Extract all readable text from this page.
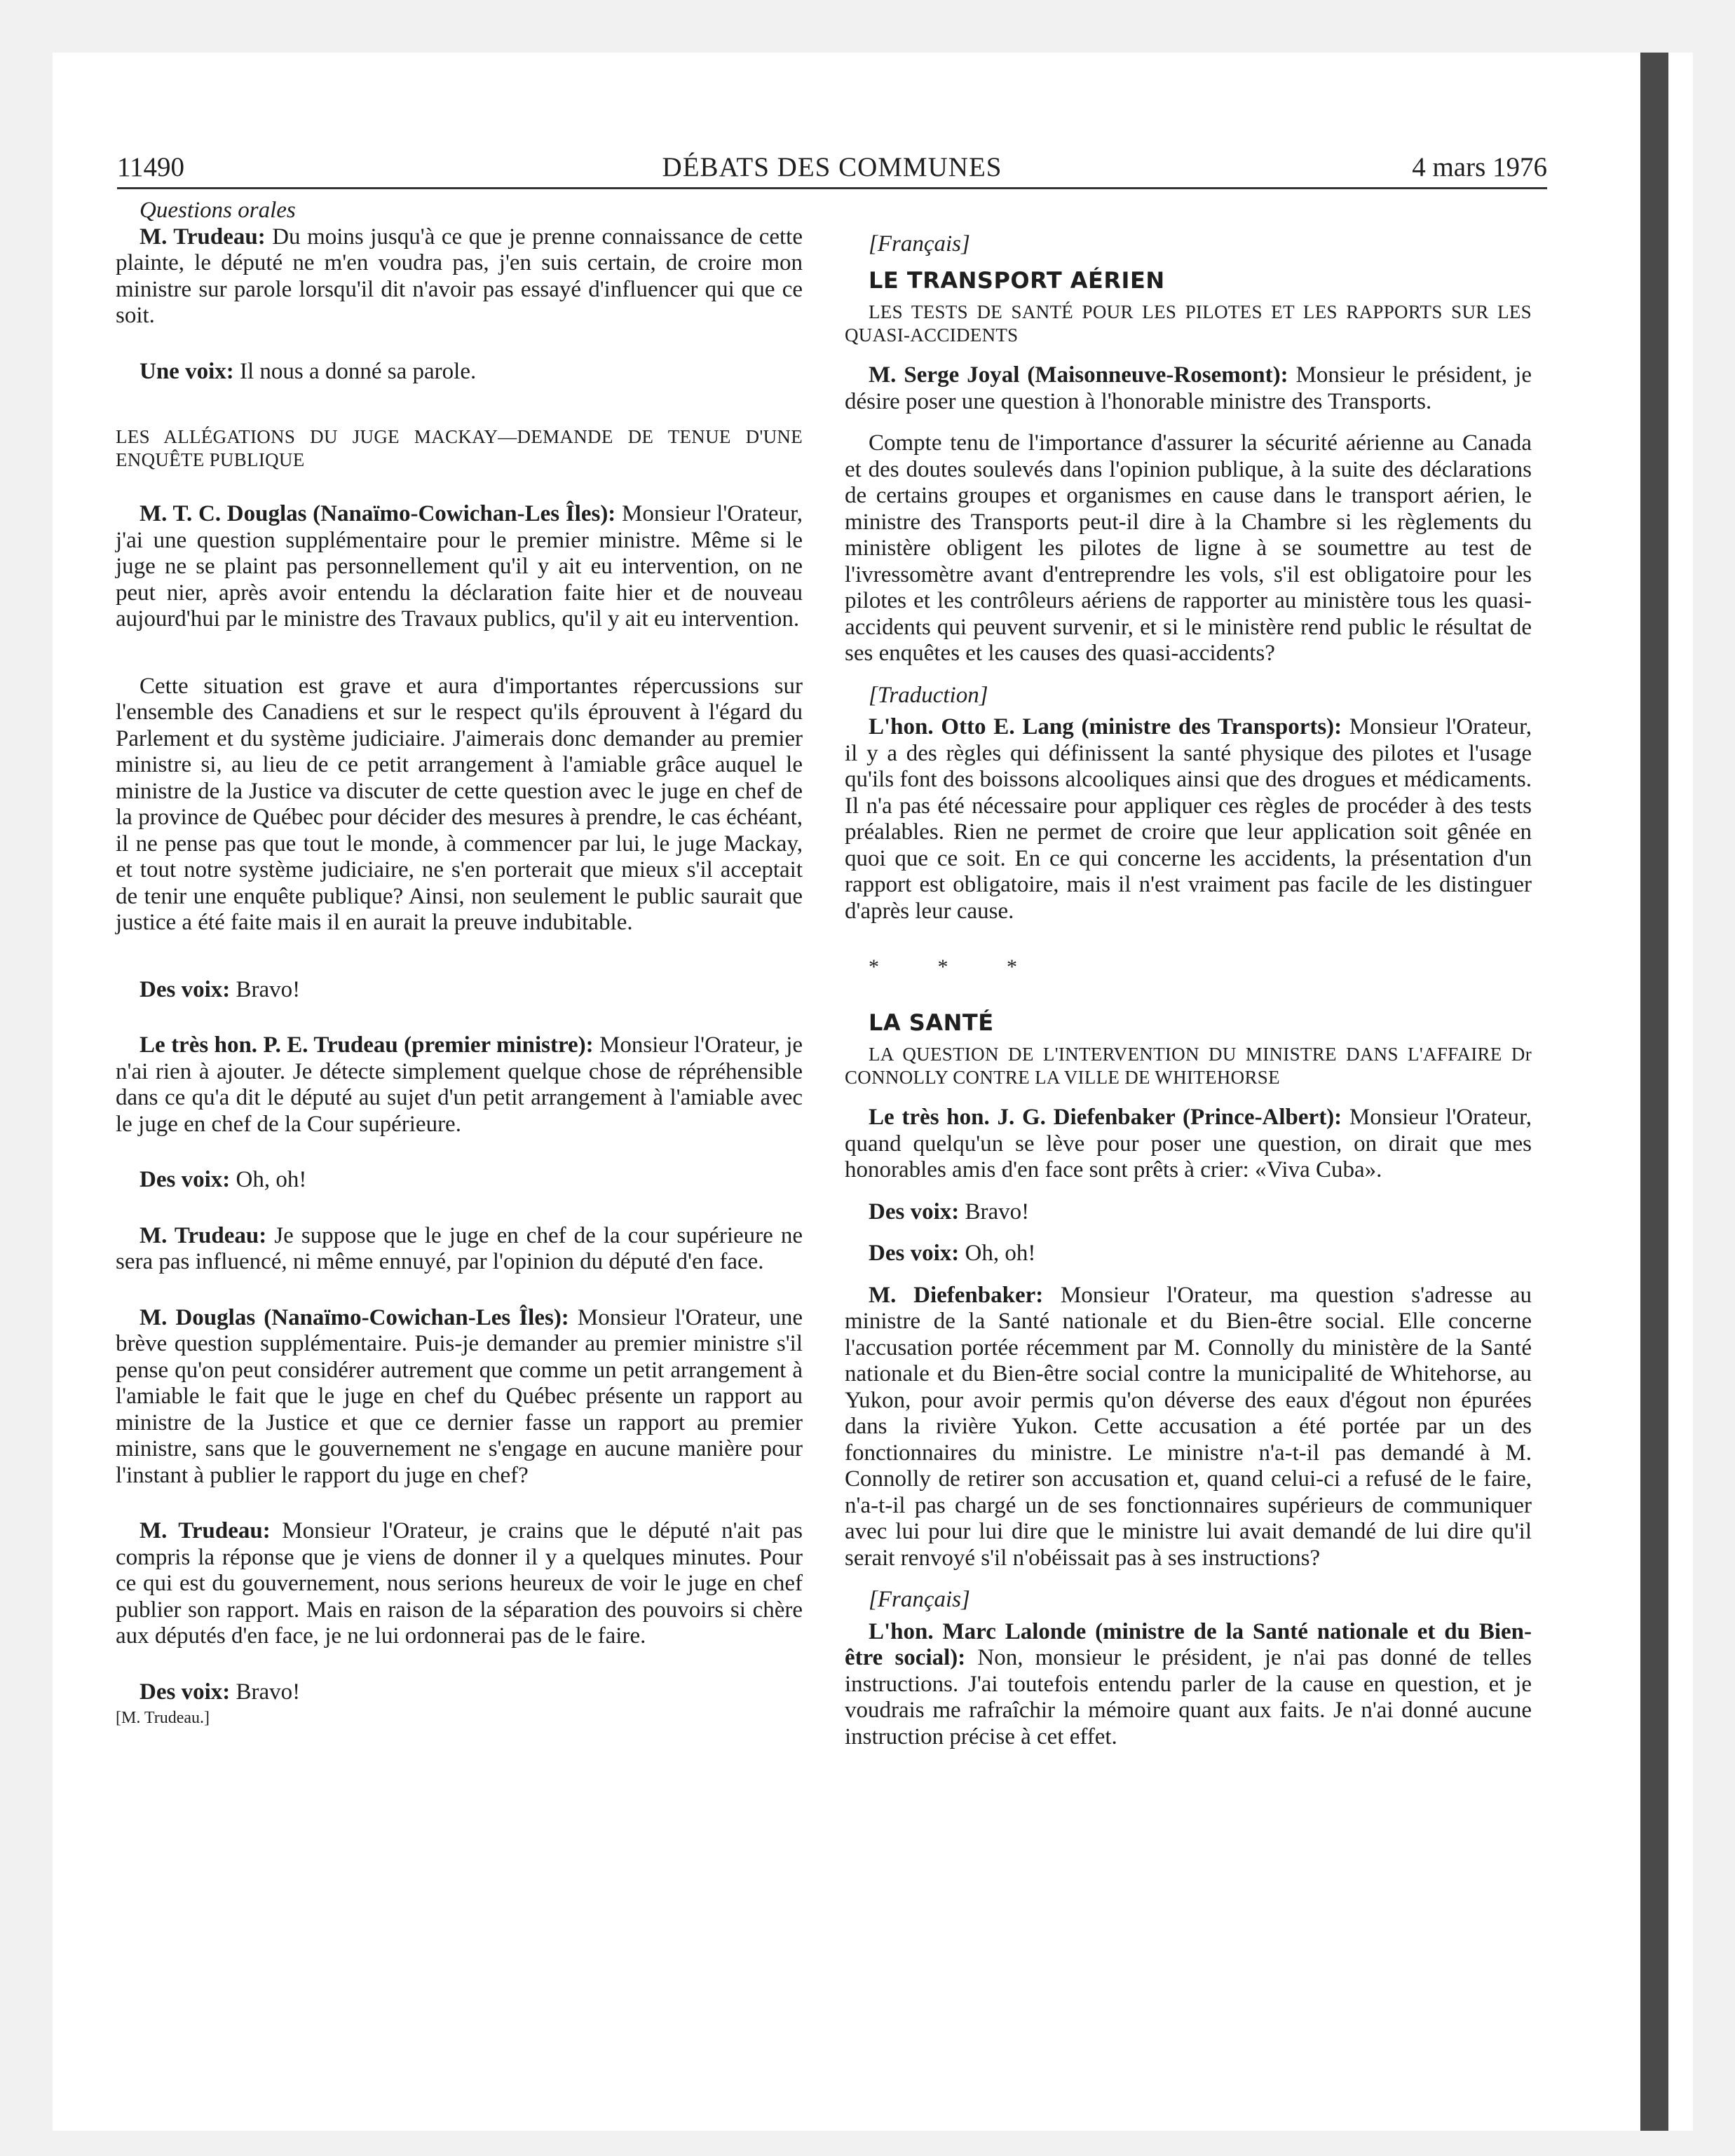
11490	DÉBATS DES COMMUNES	4 mars 1976

Questions orales

M. Trudeau: Du moins jusqu'à ce que je prenne connaissance de cette plainte, le député ne m'en voudra pas, j'en suis certain, de croire mon ministre sur parole lorsqu'il dit n'avoir pas essayé d'influencer qui que ce soit.

Une voix: Il nous a donné sa parole.

LES ALLÉGATIONS DU JUGE MACKAY—DEMANDE DE TENUE D'UNE ENQUÊTE PUBLIQUE

M. T. C. Douglas (Nanaïmo-Cowichan-Les Îles): Monsieur l'Orateur, j'ai une question supplémentaire pour le premier ministre. Même si le juge ne se plaint pas personnellement qu'il y ait eu intervention, on ne peut nier, après avoir entendu la déclaration faite hier et de nouveau aujourd'hui par le ministre des Travaux publics, qu'il y ait eu intervention.

Cette situation est grave et aura d'importantes répercussions sur l'ensemble des Canadiens et sur le respect qu'ils éprouvent à l'égard du Parlement et du système judiciaire. J'aimerais donc demander au premier ministre si, au lieu de ce petit arrangement à l'amiable grâce auquel le ministre de la Justice va discuter de cette question avec le juge en chef de la province de Québec pour décider des mesures à prendre, le cas échéant, il ne pense pas que tout le monde, à commencer par lui, le juge Mackay, et tout notre système judiciaire, ne s'en porterait que mieux s'il acceptait de tenir une enquête publique? Ainsi, non seulement le public saurait que justice a été faite mais il en aurait la preuve indubitable.

Des voix: Bravo!

Le très hon. P. E. Trudeau (premier ministre): Monsieur l'Orateur, je n'ai rien à ajouter. Je détecte simplement quelque chose de répréhensible dans ce qu'a dit le député au sujet d'un petit arrangement à l'amiable avec le juge en chef de la Cour supérieure.

Des voix: Oh, oh!

M. Trudeau: Je suppose que le juge en chef de la cour supérieure ne sera pas influencé, ni même ennuyé, par l'opinion du député d'en face.

M. Douglas (Nanaïmo-Cowichan-Les Îles): Monsieur l'Orateur, une brève question supplémentaire. Puis-je demander au premier ministre s'il pense qu'on peut considérer autrement que comme un petit arrangement à l'amiable le fait que le juge en chef du Québec présente un rapport au ministre de la Justice et que ce dernier fasse un rapport au premier ministre, sans que le gouvernement ne s'engage en aucune manière pour l'instant à publier le rapport du juge en chef?

M. Trudeau: Monsieur l'Orateur, je crains que le député n'ait pas compris la réponse que je viens de donner il y a quelques minutes. Pour ce qui est du gouvernement, nous serions heureux de voir le juge en chef publier son rapport. Mais en raison de la séparation des pouvoirs si chère aux députés d'en face, je ne lui ordonnerai pas de le faire.

Des voix: Bravo!

[M. Trudeau.]

[Français]

LE TRANSPORT AÉRIEN

LES TESTS DE SANTÉ POUR LES PILOTES ET LES RAPPORTS SUR LES QUASI-ACCIDENTS

M. Serge Joyal (Maisonneuve-Rosemont): Monsieur le président, je désire poser une question à l'honorable ministre des Transports.

Compte tenu de l'importance d'assurer la sécurité aérienne au Canada et des doutes soulevés dans l'opinion publique, à la suite des déclarations de certains groupes et organismes en cause dans le transport aérien, le ministre des Transports peut-il dire à la Chambre si les règlements du ministère obligent les pilotes de ligne à se soumettre au test de l'ivressomètre avant d'entreprendre les vols, s'il est obligatoire pour les pilotes et les contrôleurs aériens de rapporter au ministère tous les quasi-accidents qui peuvent survenir, et si le ministère rend public le résultat de ses enquêtes et les causes des quasi-accidents?

[Traduction]

L'hon. Otto E. Lang (ministre des Transports): Monsieur l'Orateur, il y a des règles qui définissent la santé physique des pilotes et l'usage qu'ils font des boissons alcooliques ainsi que des drogues et médicaments. Il n'a pas été nécessaire pour appliquer ces règles de procéder à des tests préalables. Rien ne permet de croire que leur application soit gênée en quoi que ce soit. En ce qui concerne les accidents, la présentation d'un rapport est obligatoire, mais il n'est vraiment pas facile de les distinguer d'après leur cause.

* * *

LA SANTÉ

LA QUESTION DE L'INTERVENTION DU MINISTRE DANS L'AFFAIRE Dr CONNOLLY CONTRE LA VILLE DE WHITEHORSE

Le très hon. J. G. Diefenbaker (Prince-Albert): Monsieur l'Orateur, quand quelqu'un se lève pour poser une question, on dirait que mes honorables amis d'en face sont prêts à crier: «Viva Cuba».

Des voix: Bravo!

Des voix: Oh, oh!

M. Diefenbaker: Monsieur l'Orateur, ma question s'adresse au ministre de la Santé nationale et du Bien-être social. Elle concerne l'accusation portée récemment par M. Connolly du ministère de la Santé nationale et du Bien-être social contre la municipalité de Whitehorse, au Yukon, pour avoir permis qu'on déverse des eaux d'égout non épurées dans la rivière Yukon. Cette accusation a été portée par un des fonctionnaires du ministre. Le ministre n'a-t-il pas demandé à M. Connolly de retirer son accusation et, quand celui-ci a refusé de le faire, n'a-t-il pas chargé un de ses fonctionnaires supérieurs de communiquer avec lui pour lui dire que le ministre lui avait demandé de lui dire qu'il serait renvoyé s'il n'obéissait pas à ses instructions?

[Français]

L'hon. Marc Lalonde (ministre de la Santé nationale et du Bien-être social): Non, monsieur le président, je n'ai pas donné de telles instructions. J'ai toutefois entendu parler de la cause en question, et je voudrais me rafraîchir la mémoire quant aux faits. Je n'ai donné aucune instruction précise à cet effet.
